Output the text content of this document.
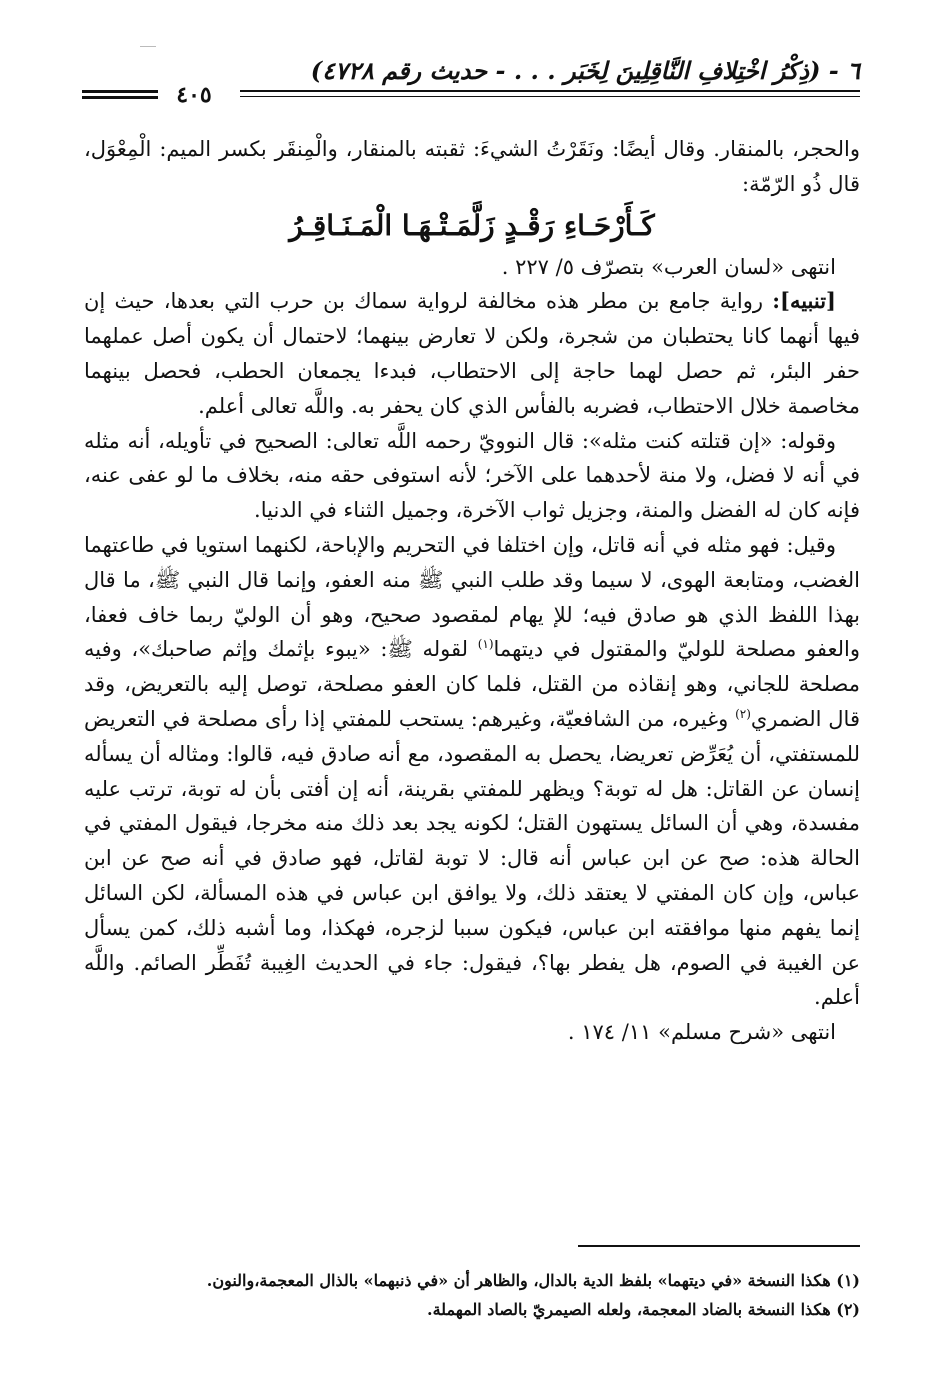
٦ - (ذِكْرُ اخْتِلافِ النَّاقِلِينَ لِخَبَر . . . - حديث رقم ٤٧٢٨)
٤٠٥

والحجر، بالمنقار. وقال أيضًا: ونَقَرْتُ الشيءَ: ثقبته بالمنقار، والْمِنقَر بكسر الميم: الْمِعْوَل، قال ذُو الرّمّة:

كَـأَرْحَـاءِ رَقْـدٍ زَلَّمَـتْـهَـا الْمَـنَـاقِـرُ

انتهى «لسان العرب» بتصرّف ٥/ ٢٢٧ .

[تنبيه]: رواية جامع بن مطر هذه مخالفة لرواية سماك بن حرب التي بعدها، حيث إن فيها أنهما كانا يحتطبان من شجرة، ولكن لا تعارض بينهما؛ لاحتمال أن يكون أصل عملهما حفر البئر، ثم حصل لهما حاجة إلى الاحتطاب، فبدءا يجمعان الحطب، فحصل بينهما مخاصمة خلال الاحتطاب، فضربه بالفأس الذي كان يحفر به. واللَّه تعالى أعلم.

وقوله: «إن قتلته كنت مثله»: قال النوويّ رحمه اللَّه تعالى: الصحيح في تأويله، أنه مثله في أنه لا فضل، ولا منة لأحدهما على الآخر؛ لأنه استوفى حقه منه، بخلاف ما لو عفى عنه، فإنه كان له الفضل والمنة، وجزيل ثواب الآخرة، وجميل الثناء في الدنيا.

وقيل: فهو مثله في أنه قاتل، وإن اختلفا في التحريم والإباحة، لكنهما استويا في طاعتهما الغضب، ومتابعة الهوى، لا سيما وقد طلب النبي ﷺ منه العفو، وإنما قال النبي ﷺ، ما قال بهذا اللفظ الذي هو صادق فيه؛ للإ يهام لمقصود صحيح، وهو أن الوليّ ربما خاف فعفا، والعفو مصلحة للوليّ والمقتول في ديتهما$^{(١)}$ لقوله ﷺ: «يبوء بإثمك وإثم صاحبك»، وفيه مصلحة للجاني، وهو إنقاذه من القتل، فلما كان العفو مصلحة، توصل إليه بالتعريض، وقد قال الضمري$^{(٢)}$ وغيره، من الشافعيّة، وغيرهم: يستحب للمفتي إذا رأى مصلحة في التعريض للمستفتي، أن يُعَرِّض تعريضا، يحصل به المقصود، مع أنه صادق فيه، قالوا: ومثاله أن يسأله إنسان عن القاتل: هل له توبة؟ ويظهر للمفتي بقرينة، أنه إن أفتى بأن له توبة، ترتب عليه مفسدة، وهي أن السائل يستهون القتل؛ لكونه يجد بعد ذلك منه مخرجا، فيقول المفتي في الحالة هذه: صح عن ابن عباس أنه قال: لا توبة لقاتل، فهو صادق في أنه صح عن ابن عباس، وإن كان المفتي لا يعتقد ذلك، ولا يوافق ابن عباس في هذه المسألة، لكن السائل إنما يفهم منها موافقته ابن عباس، فيكون سببا لزجره، فهكذا، وما أشبه ذلك، كمن يسأل عن الغيبة في الصوم، هل يفطر بها؟، فيقول: جاء في الحديث الغِيبة تُفَطِّر الصائم. واللَّه أعلم.

انتهى «شرح مسلم» ١١/ ١٧٤ .

(١) هكذا النسخة «في ديتهما» بلفظ الدية بالدال، والظاهر أن «في ذنبهما» بالذال المعجمة،والنون.

(٢) هكذا النسخة بالضاد المعجمة، ولعله الصيمريّ بالصاد المهملة.
